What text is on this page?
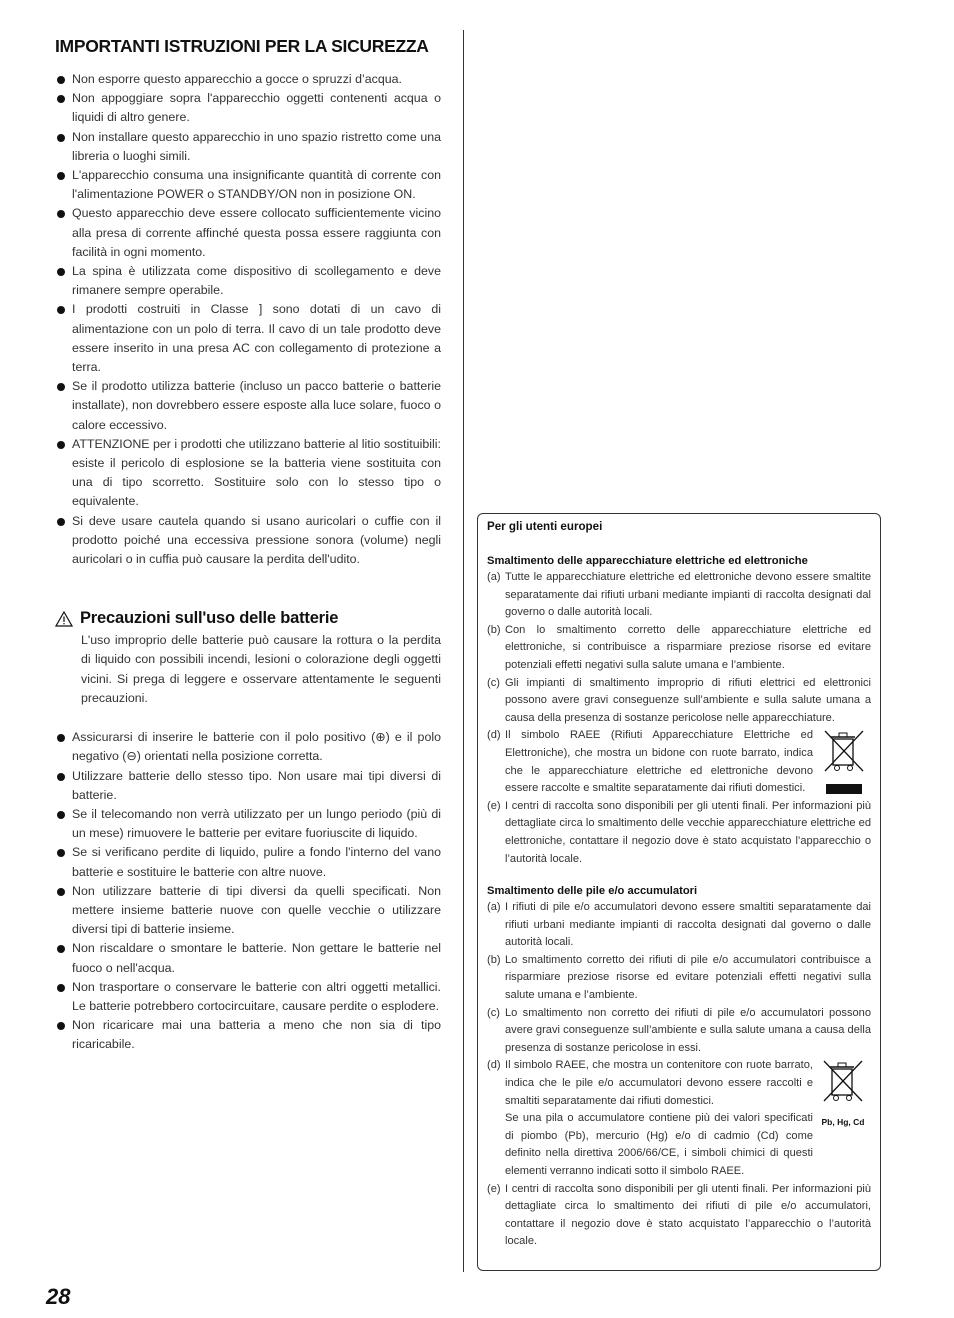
IMPORTANTI ISTRUZIONI PER LA SICUREZZA
Non esporre questo apparecchio a gocce o spruzzi d’acqua.
Non appoggiare sopra l'apparecchio oggetti contenenti acqua o liquidi di altro genere.
Non installare questo apparecchio in uno spazio ristretto come una libreria o luoghi simili.
L'apparecchio consuma una insignificante quantità di corrente con l'alimentazione POWER o STANDBY/ON non in posizione ON.
Questo apparecchio deve essere collocato sufficientemente vicino alla presa di corrente affinché questa possa essere raggiunta con facilità in ogni momento.
La spina è utilizzata come dispositivo di scollegamento e deve rimanere sempre operabile.
I prodotti costruiti in Classe ] sono dotati di un cavo di alimentazione con un polo di terra. Il cavo di un tale prodotto deve essere inserito in una presa AC con collegamento di protezione a terra.
Se il prodotto utilizza batterie (incluso un pacco batterie o batterie installate), non dovrebbero essere esposte alla luce solare, fuoco o calore eccessivo.
ATTENZIONE per i prodotti che utilizzano batterie al litio sostituibili: esiste il pericolo di esplosione se la batteria viene sostituita con una di tipo scorretto. Sostituire solo con lo stesso tipo o equivalente.
Si deve usare cautela quando si usano auricolari o cuffie con il prodotto poiché una eccessiva pressione sonora (volume) negli auricolari o in cuffia può causare la perdita dell'udito.
Precauzioni sull'uso delle batterie

L'uso improprio delle batterie può causare la rottura o la perdita di liquido con possibili incendi, lesioni o colorazione degli oggetti vicini. Si prega di leggere e osservare attentamente le seguenti precauzioni.

Assicurarsi di inserire le batterie con il polo positivo (⊕) e il polo negativo (⊖) orientati nella posizione corretta.
Utilizzare batterie dello stesso tipo. Non usare mai tipi diversi di batterie.
Se il telecomando non verrà utilizzato per un lungo periodo (più di un mese) rimuovere le batterie per evitare fuoriuscite di liquido.
Se si verificano perdite di liquido, pulire a fondo l'interno del vano batterie e sostituire le batterie con altre nuove.
Non utilizzare batterie di tipi diversi da quelli specificati. Non mettere insieme batterie nuove con quelle vecchie o utilizzare diversi tipi di batterie insieme.
Non riscaldare o smontare le batterie. Non gettare le batterie nel fuoco o nell'acqua.
Non trasportare o conservare le batterie con altri oggetti metallici. Le batterie potrebbero cortocircuitare, causare perdite o esplodere.
Non ricaricare mai una batteria a meno che non sia di tipo ricaricabile.

Per gli utenti europei

Smaltimento delle apparecchiature elettriche ed elettroniche

(a) Tutte le apparecchiature elettriche ed elettroniche devono essere smaltite separatamente dai rifiuti urbani mediante impianti di raccolta designati dal governo o dalle autorità locali.
(b) Con lo smaltimento corretto delle apparecchiature elettriche ed elettroniche, si contribuisce a risparmiare preziose risorse ed evitare potenziali effetti negativi sulla salute umana e l’ambiente.
(c) Gli impianti di smaltimento improprio di rifiuti elettrici ed elettronici possono avere gravi conseguenze sull’ambiente e sulla salute umana a causa della presenza di sostanze pericolose nelle apparecchiature.
(d) Il simbolo RAEE (Rifiuti Apparecchiature Elettriche ed Elettroniche), che mostra un bidone con ruote barrato, indica che le apparecchiature elettriche ed elettroniche devono essere raccolte e smaltite separatamente dai rifiuti domestici.
(e) I centri di raccolta sono disponibili per gli utenti finali. Per informazioni più dettagliate circa lo smaltimento delle vecchie apparecchiature elettriche ed elettroniche, contattare il negozio dove è stato acquistato l’apparecchio o l’autorità locale.

Smaltimento delle pile e/o accumulatori

(a) I rifiuti di pile e/o accumulatori devono essere smaltiti separatamente dai rifiuti urbani mediante impianti di raccolta designati dal governo o dalle autorità locali.
(b) Lo smaltimento corretto dei rifiuti di pile e/o accumulatori contribuisce a risparmiare preziose risorse ed evitare potenziali effetti negativi sulla salute umana e l’ambiente.
(c) Lo smaltimento non corretto dei rifiuti di pile e/o accumulatori possono avere gravi conseguenze sull’ambiente e sulla salute umana a causa della presenza di sostanze pericolose in essi.
(d) Il simbolo RAEE, che mostra un contenitore con ruote barrato, indica che le pile e/o accumulatori devono essere raccolti e smaltiti separatamente dai rifiuti domestici.
Se una pila o accumulatore contiene più dei valori specificati di piombo (Pb), mercurio (Hg) e/o di cadmio (Cd) come definito nella direttiva 2006/66/CE, i simboli chimici di questi elementi verranno indicati sotto il simbolo RAEE.
Pb, Hg, Cd
(e) I centri di raccolta sono disponibili per gli utenti finali. Per informazioni più dettagliate circa lo smaltimento dei rifiuti di pile e/o accumulatori, contattare il negozio dove è stato acquistato l’apparecchio o l’autorità locale.
28
